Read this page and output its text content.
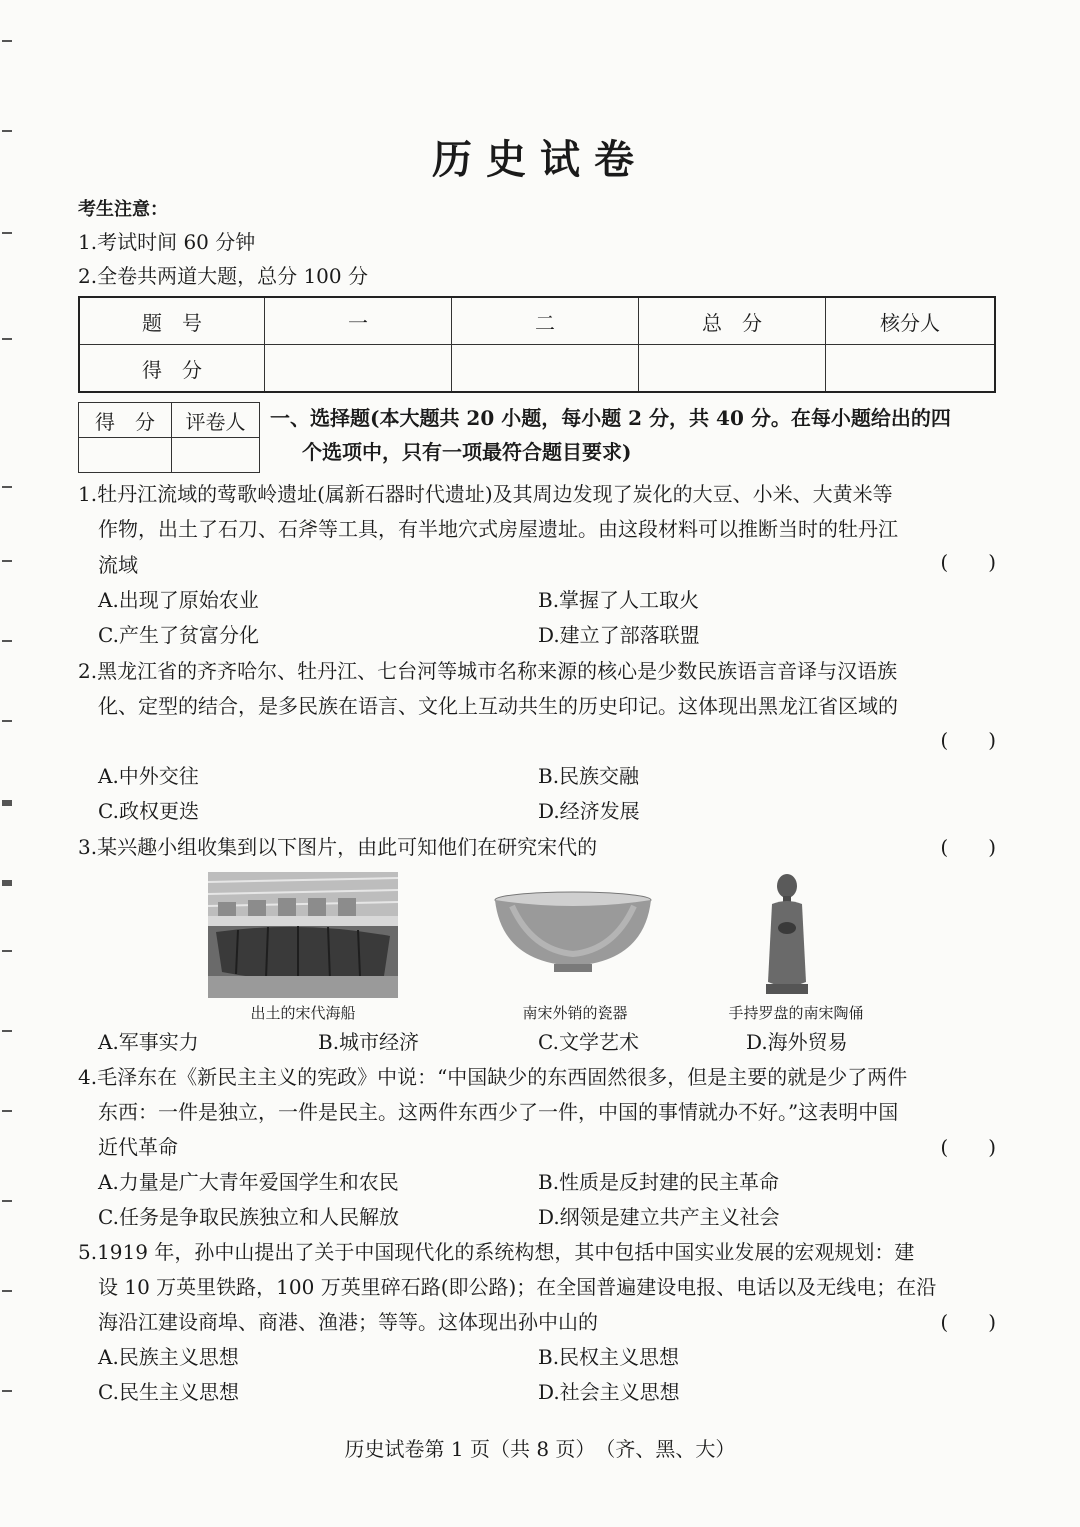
历史试卷
考生注意：
1.考试时间 60 分钟
2.全卷共两道大题，总分 100 分
题　号	一	二	总　分	核分人
得　分				
得　分	评卷人
	一、选择题(本大题共 20 小题，每小题 2 分，共 40 分。在每小题给出的四
个选项中，只有一项最符合题目要求)
1.牡丹江流域的莺歌岭遗址(属新石器时代遗址)及其周边发现了炭化的大豆、小米、大黄米等
作物，出土了石刀、石斧等工具，有半地穴式房屋遗址。由这段材料可以推断当时的牡丹江
流域	(　　)
A.出现了原始农业	B.掌握了人工取火
C.产生了贫富分化	D.建立了部落联盟
2.黑龙江省的齐齐哈尔、牡丹江、七台河等城市名称来源的核心是少数民族语言音译与汉语族
化、定型的结合，是多民族在语言、文化上互动共生的历史印记。这体现出黑龙江省区域的
(　　)
A.中外交往	B.民族交融
C.政权更迭	D.经济发展
3.某兴趣小组收集到以下图片，由此可知他们在研究宋代的	(　　)
出土的宋代海船	南宋外销的瓷器	手持罗盘的南宋陶俑
A.军事实力	B.城市经济	C.文学艺术	D.海外贸易
4.毛泽东在《新民主主义的宪政》中说：“中国缺少的东西固然很多，但是主要的就是少了两件
东西：一件是独立，一件是民主。这两件东西少了一件，中国的事情就办不好。”这表明中国
近代革命	(　　)
A.力量是广大青年爱国学生和农民	B.性质是反封建的民主革命
C.任务是争取民族独立和人民解放	D.纲领是建立共产主义社会
5.1919 年，孙中山提出了关于中国现代化的系统构想，其中包括中国实业发展的宏观规划：建
设 10 万英里铁路，100 万英里碎石路(即公路)；在全国普遍建设电报、电话以及无线电；在沿
海沿江建设商埠、商港、渔港；等等。这体现出孙中山的	(　　)
A.民族主义思想	B.民权主义思想
C.民生主义思想	D.社会主义思想
历史试卷第 1 页（共 8 页）　（齐、黑、大）
